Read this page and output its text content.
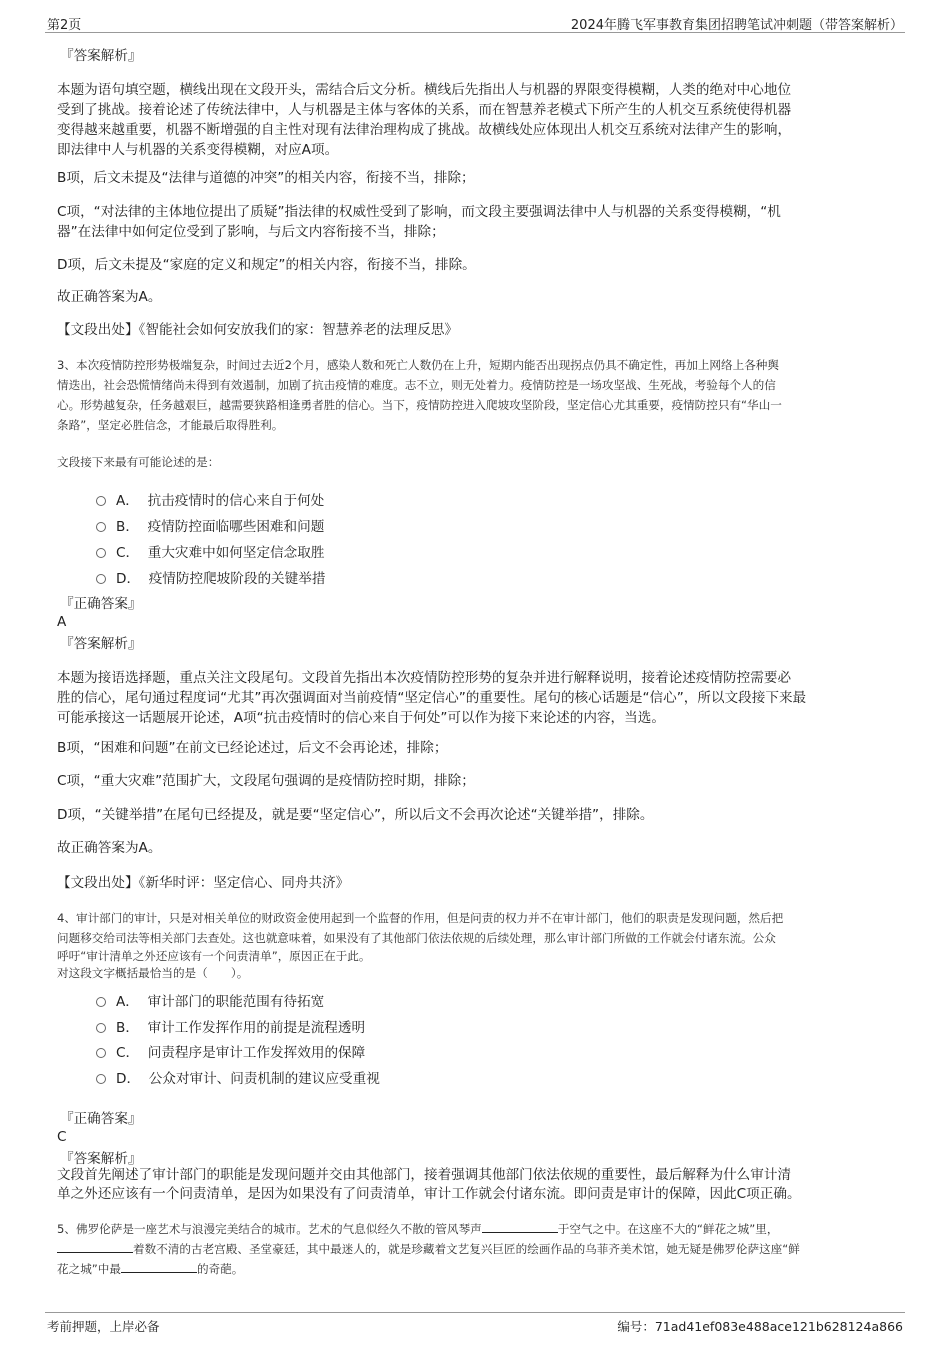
第2页	2024年腾飞军事教育集团招聘笔试冲刺题（带答案解析）
『答案解析』
本题为语句填空题，横线出现在文段开头，需结合后文分析。横线后先指出人与机器的界限变得模糊，人类的绝对中心地位
受到了挑战。接着论述了传统法律中，人与机器是主体与客体的关系，而在智慧养老模式下所产生的人机交互系统使得机器
变得越来越重要，机器不断增强的自主性对现有法律治理构成了挑战。故横线处应体现出人机交互系统对法律产生的影响，
即法律中人与机器的关系变得模糊，对应A项。
B项，后文未提及“法律与道德的冲突”的相关内容，衔接不当，排除；
C项，“对法律的主体地位提出了质疑”指法律的权威性受到了影响，而文段主要强调法律中人与机器的关系变得模糊，“机
器”在法律中如何定位受到了影响，与后文内容衔接不当，排除；
D项，后文未提及“家庭的定义和规定”的相关内容，衔接不当，排除。
故正确答案为A。
【文段出处】《智能社会如何安放我们的家：智慧养老的法理反思》
3、本次疫情防控形势极端复杂，时间过去近2个月，感染人数和死亡人数仍在上升，短期内能否出现拐点仍具不确定性，再加上网络上各种舆
情迭出，社会恐慌情绪尚未得到有效遏制，加剧了抗击疫情的难度。志不立，则无处着力。疫情防控是一场攻坚战、生死战，考验每个人的信
心。形势越复杂，任务越艰巨，越需要狭路相逢勇者胜的信心。当下，疫情防控进入爬坡攻坚阶段，坚定信心尤其重要，疫情防控只有“华山一
条路”，坚定必胜信念，才能最后取得胜利。
文段接下来最有可能论述的是：
A． 抗击疫情时的信心来自于何处
B． 疫情防控面临哪些困难和问题
C． 重大灾难中如何坚定信念取胜
D． 疫情防控爬坡阶段的关键举措
『正确答案』
A
『答案解析』
本题为接语选择题，重点关注文段尾句。文段首先指出本次疫情防控形势的复杂并进行解释说明，接着论述疫情防控需要必
胜的信心，尾句通过程度词“尤其”再次强调面对当前疫情“坚定信心”的重要性。尾句的核心话题是“信心”，所以文段接下来最
可能承接这一话题展开论述，A项“抗击疫情时的信心来自于何处”可以作为接下来论述的内容，当选。
B项，“困难和问题”在前文已经论述过，后文不会再论述，排除；
C项，“重大灾难”范围扩大，文段尾句强调的是疫情防控时期，排除；
D项，“关键举措”在尾句已经提及，就是要“坚定信心”，所以后文不会再次论述“关键举措”，排除。
故正确答案为A。
【文段出处】《新华时评：坚定信心、同舟共济》
4、审计部门的审计，只是对相关单位的财政资金使用起到一个监督的作用，但是问责的权力并不在审计部门，他们的职责是发现问题，然后把
问题移交给司法等相关部门去查处。这也就意味着，如果没有了其他部门依法依规的后续处理，那么审计部门所做的工作就会付诸东流。公众
呼吁“审计清单之外还应该有一个问责清单”，原因正在于此。
对这段文字概括最恰当的是（　　）。
A． 审计部门的职能范围有待拓宽
B． 审计工作发挥作用的前提是流程透明
C． 问责程序是审计工作发挥效用的保障
D． 公众对审计、问责机制的建议应受重视
『正确答案』
C
『答案解析』
文段首先阐述了审计部门的职能是发现问题并交由其他部门，接着强调其他部门依法依规的重要性，最后解释为什么审计清
单之外还应该有一个问责清单，是因为如果没有了问责清单，审计工作就会付诸东流。即问责是审计的保障，因此C项正确。
5、佛罗伦萨是一座艺术与浪漫完美结合的城市。艺术的气息似经久不散的管风琴声	于空气之中。在这座不大的“鲜花之城”里，
着数不清的古老宫殿、圣堂豪廷，其中最迷人的，就是珍藏着文艺复兴巨匠的绘画作品的乌菲齐美术馆，她无疑是佛罗伦萨这座“鲜
花之城”中最	的奇葩。
考前押题，上岸必备	编号：71ad41ef083e488ace121b628124a866
